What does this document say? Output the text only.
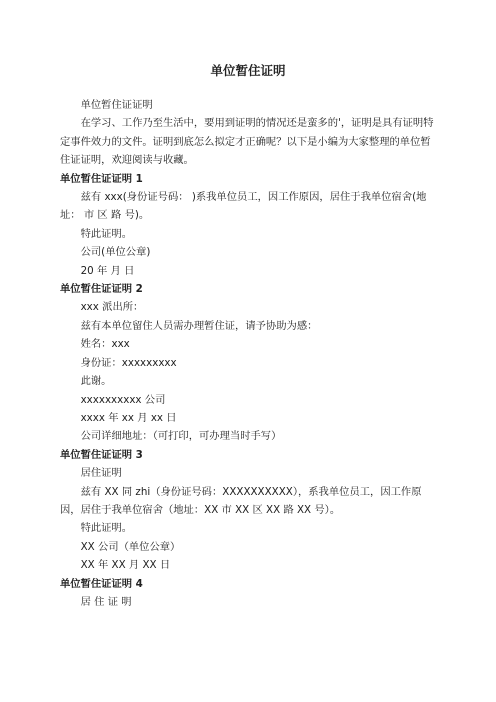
单位暂住证明

单位暂住证证明

在学习、工作乃至生活中，要用到证明的情况还是蛮多的'，证明是具有证明特定事件效力的文件。证明到底怎么拟定才正确呢？以下是小编为大家整理的单位暂住证证明，欢迎阅读与收藏。

单位暂住证证明 1

兹有 xxx(身份证号码： )系我单位员工，因工作原因，居住于我单位宿舍(地址： 市 区 路 号)。

特此证明。

公司(单位公章)

20 年 月 日

单位暂住证证明 2

xxx 派出所：

兹有本单位留住人员需办理暂住证，请予协助为感：

姓名：xxx

身份证：xxxxxxxxx

此谢。

xxxxxxxxxx 公司

xxxx 年 xx 月 xx 日

公司详细地址：（可打印，可办理当时手写）

单位暂住证证明 3

居住证明

兹有 XX 同 zhi（身份证号码：XXXXXXXXXX），系我单位员工，因工作原因，居住于我单位宿舍（地址：XX 市 XX 区 XX 路 XX 号）。

特此证明。

XX 公司（单位公章）

XX 年 XX 月 XX 日

单位暂住证证明 4

居 住 证 明
